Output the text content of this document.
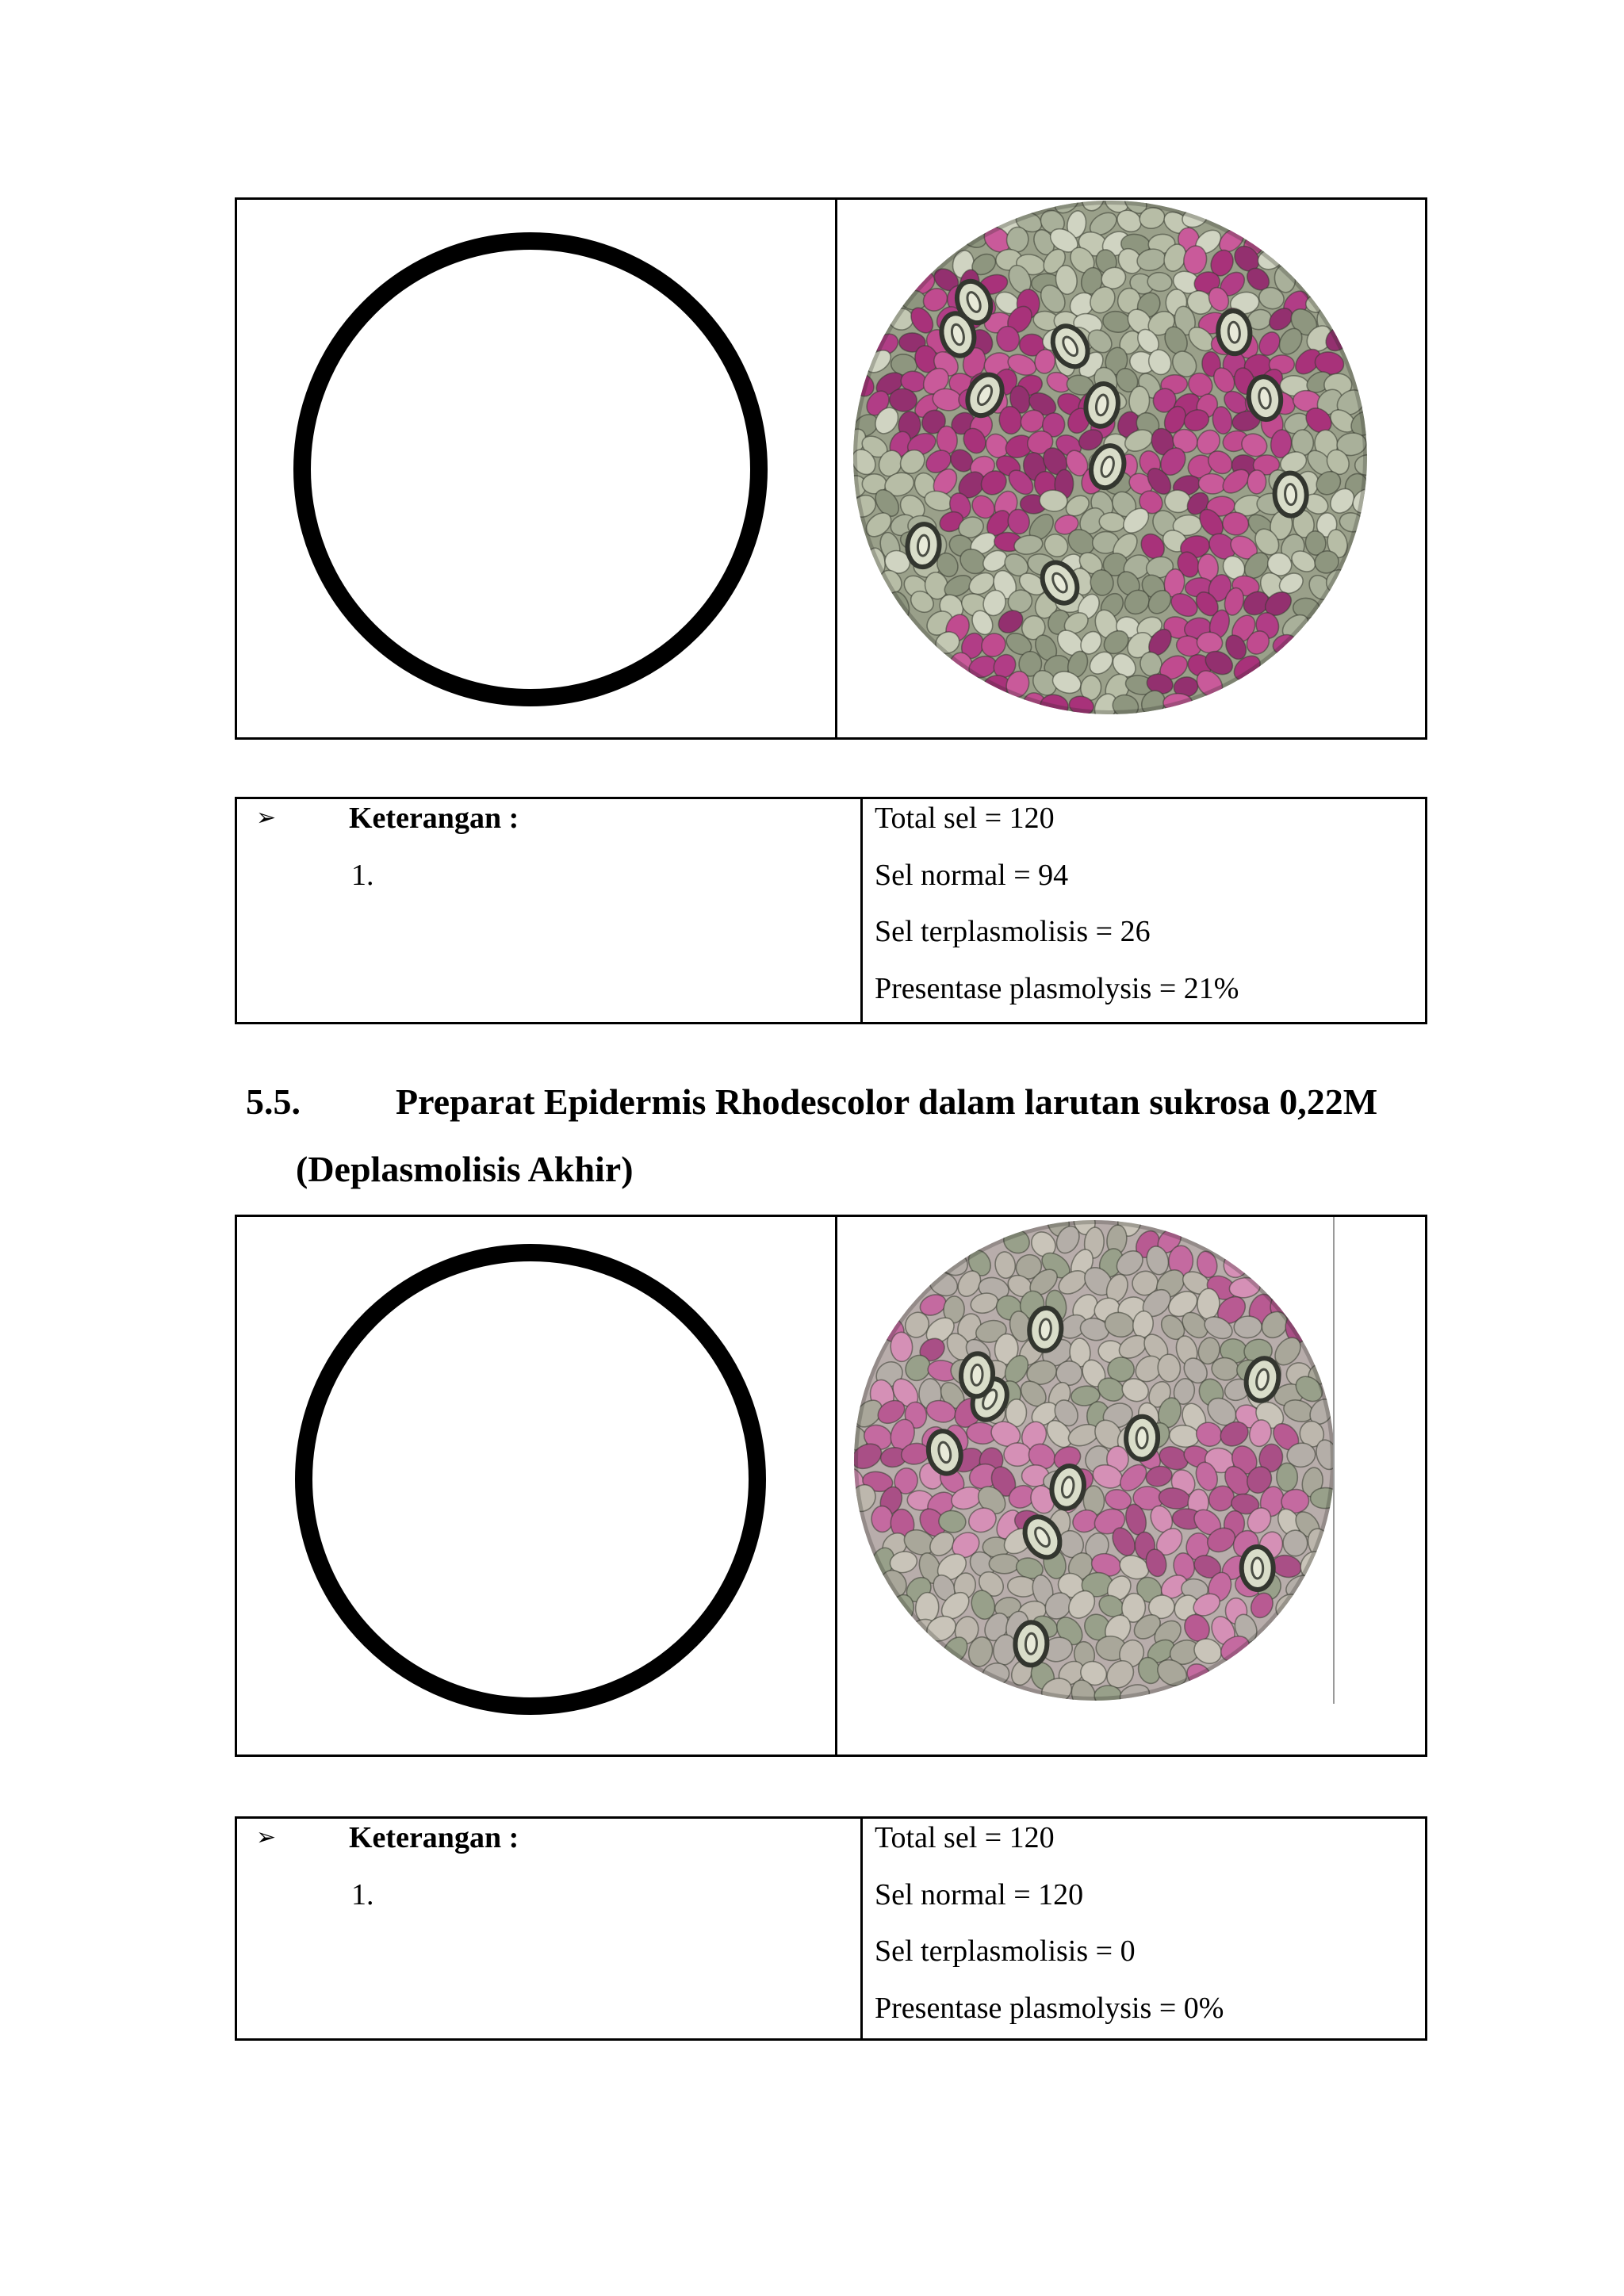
➢ Keterangan :
1.
Total sel = 120
Sel normal = 94
Sel terplasmolisis = 26
Presentase plasmolysis = 21%
5.5.	Preparat Epidermis Rhodescolor dalam larutan sukrosa 0,22M
(Deplasmolisis Akhir)
➢ Keterangan :
1.
Total sel = 120
Sel normal = 120
Sel terplasmolisis = 0
Presentase plasmolysis = 0%
